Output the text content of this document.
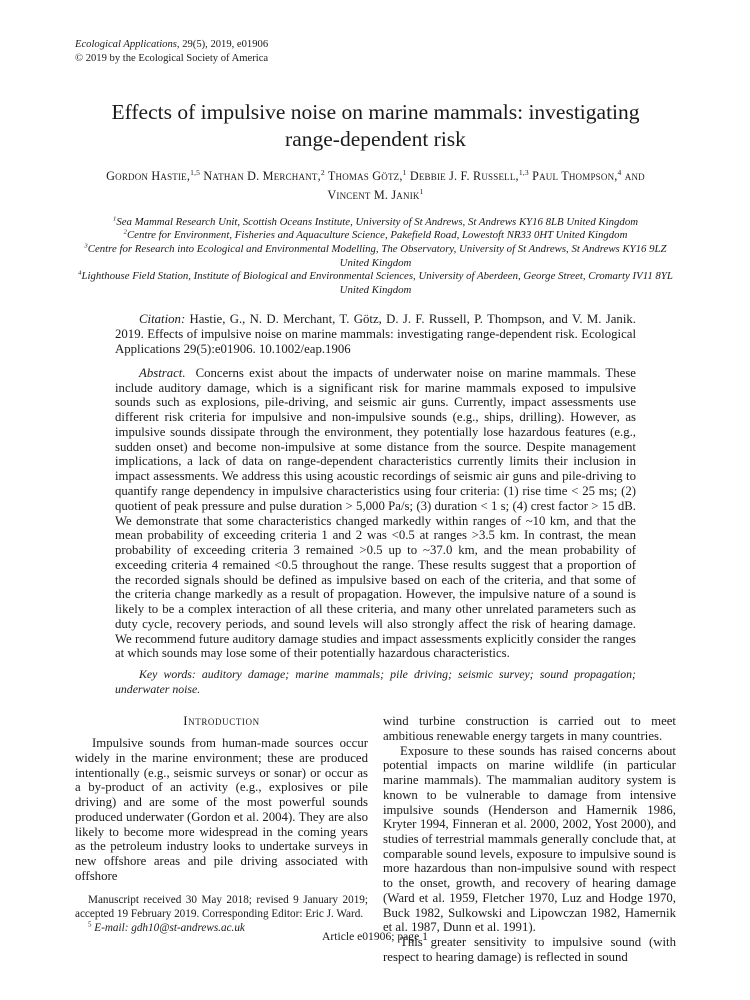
Ecological Applications, 29(5), 2019, e01906
© 2019 by the Ecological Society of America
Effects of impulsive noise on marine mammals: investigating range-dependent risk
Gordon Hastie,$^{1,5}$ Nathan D. Merchant,$^2$ Thomas Götz,$^1$ Debbie J. F. Russell,$^{1,3}$ Paul Thompson,$^4$ and Vincent M. Janik$^1$
$^1$Sea Mammal Research Unit, Scottish Oceans Institute, University of St Andrews, St Andrews KY16 8LB United Kingdom
$^2$Centre for Environment, Fisheries and Aquaculture Science, Pakefield Road, Lowestoft NR33 0HT United Kingdom
$^3$Centre for Research into Ecological and Environmental Modelling, The Observatory, University of St Andrews, St Andrews KY16 9LZ United Kingdom
$^4$Lighthouse Field Station, Institute of Biological and Environmental Sciences, University of Aberdeen, George Street, Cromarty IV11 8YL United Kingdom

Citation: Hastie, G., N. D. Merchant, T. Götz, D. J. F. Russell, P. Thompson, and V. M. Janik. 2019. Effects of impulsive noise on marine mammals: investigating range-dependent risk. Ecological Applications 29(5):e01906. 10.1002/eap.1906

Abstract. Concerns exist about the impacts of underwater noise on marine mammals. These include auditory damage, which is a significant risk for marine mammals exposed to impulsive sounds such as explosions, pile-driving, and seismic air guns. Currently, impact assessments use different risk criteria for impulsive and non-impulsive sounds (e.g., ships, drilling). However, as impulsive sounds dissipate through the environment, they potentially lose hazardous features (e.g., sudden onset) and become non-impulsive at some distance from the source. Despite management implications, a lack of data on range-dependent characteristics currently limits their inclusion in impact assessments. We address this using acoustic recordings of seismic air guns and pile-driving to quantify range dependency in impulsive characteristics using four criteria: (1) rise time < 25 ms; (2) quotient of peak pressure and pulse duration > 5,000 Pa/s; (3) duration < 1 s; (4) crest factor > 15 dB. We demonstrate that some characteristics changed markedly within ranges of ~10 km, and that the mean probability of exceeding criteria 1 and 2 was <0.5 at ranges >3.5 km. In contrast, the mean probability of exceeding criteria 3 remained >0.5 up to ~37.0 km, and the mean probability of exceeding criteria 4 remained <0.5 throughout the range. These results suggest that a proportion of the recorded signals should be defined as impulsive based on each of the criteria, and that some of the criteria change markedly as a result of propagation. However, the impulsive nature of a sound is likely to be a complex interaction of all these criteria, and many other unrelated parameters such as duty cycle, recovery periods, and sound levels will also strongly affect the risk of hearing damage. We recommend future auditory damage studies and impact assessments explicitly consider the ranges at which sounds may lose some of their potentially hazardous characteristics.

Key words: auditory damage; marine mammals; pile driving; seismic survey; sound propagation; underwater noise.

Introduction

Impulsive sounds from human-made sources occur widely in the marine environment; these are produced intentionally (e.g., seismic surveys or sonar) or occur as a by-product of an activity (e.g., explosives or pile driving) and are some of the most powerful sounds produced underwater (Gordon et al. 2004). They are also likely to become more widespread in the coming years as the petroleum industry looks to undertake surveys in new offshore areas and pile driving associated with offshore

Manuscript received 30 May 2018; revised 9 January 2019; accepted 19 February 2019. Corresponding Editor: Eric J. Ward.

$^5$ E-mail: gdh10@st-andrews.ac.uk

wind turbine construction is carried out to meet ambitious renewable energy targets in many countries.

Exposure to these sounds has raised concerns about potential impacts on marine wildlife (in particular marine mammals). The mammalian auditory system is known to be vulnerable to damage from intensive impulsive sounds (Henderson and Hamernik 1986, Kryter 1994, Finneran et al. 2000, 2002, Yost 2000), and studies of terrestrial mammals generally conclude that, at comparable sound levels, exposure to impulsive sound is more hazardous than non-impulsive sound with respect to the onset, growth, and recovery of hearing damage (Ward et al. 1959, Fletcher 1970, Luz and Hodge 1970, Buck 1982, Sulkowski and Lipowczan 1982, Hamernik et al. 1987, Dunn et al. 1991).

This greater sensitivity to impulsive sound (with respect to hearing damage) is reflected in sound

Article e01906; page 1
